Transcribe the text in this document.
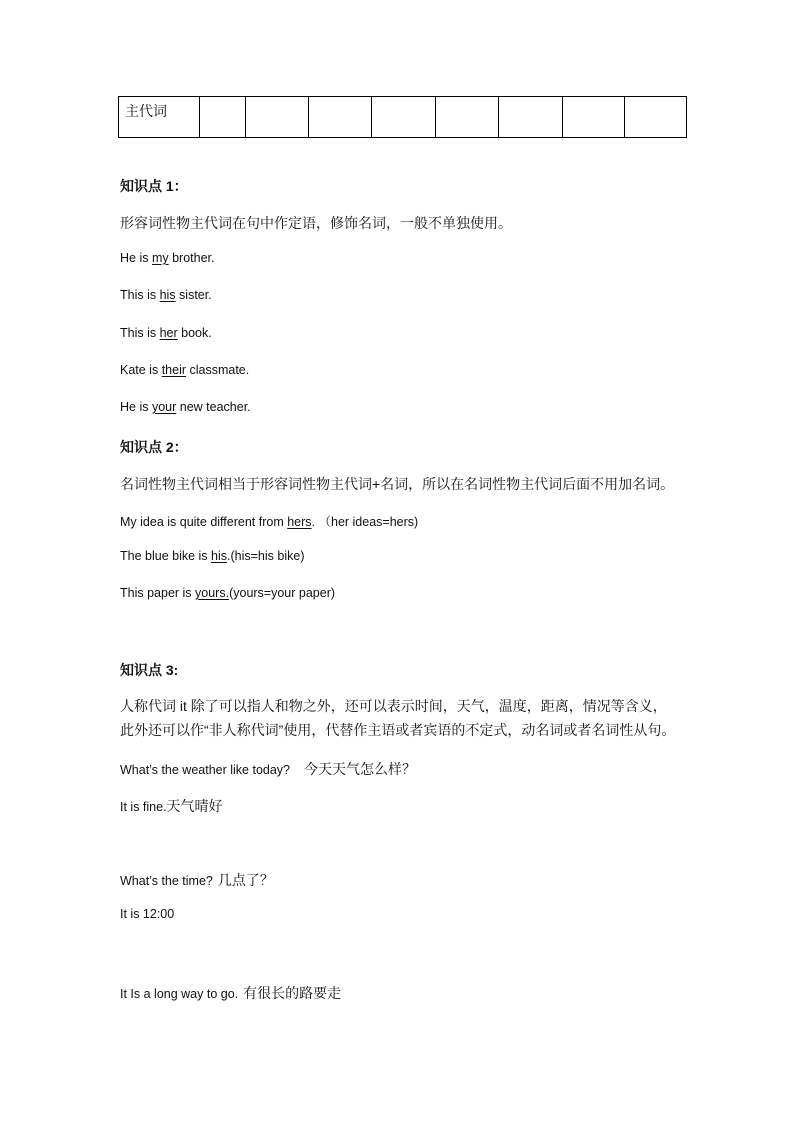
主代词								
知识点 1：
形容词性物主代词在句中作定语，修饰名词，一般不单独使用。
He is my brother.
This is his sister.
This is her book.
Kate is their classmate.
He is your new teacher.
知识点 2：
名词性物主代词相当于形容词性物主代词+名词，所以在名词性物主代词后面不用加名词。
My idea is quite different from hers. （her ideas=hers)
The blue bike is his.(his=his bike)
This paper is yours.(yours=your paper)
知识点 3:
人称代词 it 除了可以指人和物之外，还可以表示时间，天气，温度，距离，情况等含义，
此外还可以作“非人称代词”使用，代替作主语或者宾语的不定式，动名词或者名词性从句。
What’s the weather like today? 今天天气怎么样？
It is fine.天气晴好
What’s the time? 几点了？
It is 12:00
It Is a long way to go. 有很长的路要走
